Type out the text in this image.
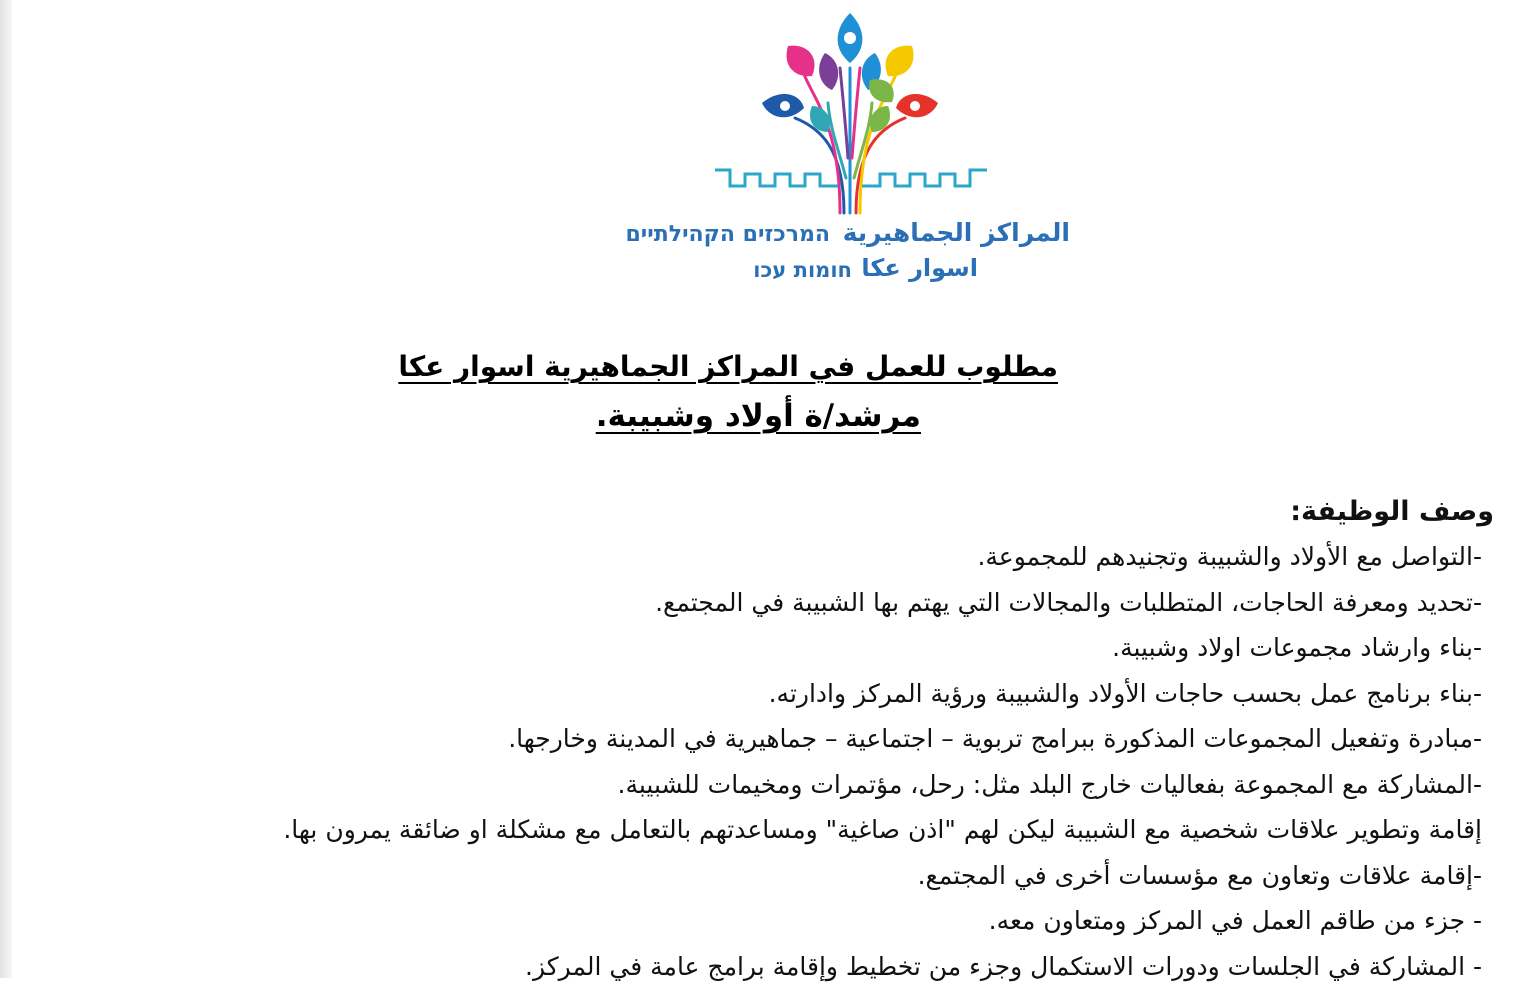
المراكز الجماهيرية
המרכזים הקהילתיים
اسوار عكا
חומות עכו
مطلوب للعمل في المراكز الجماهيرية اسوار عكا
مرشد/ة أولاد وشبيبة.
وصف الوظيفة:
-التواصل مع الأولاد والشبيبة وتجنيدهم للمجموعة.
-تحديد ومعرفة الحاجات، المتطلبات والمجالات التي يهتم بها الشبيبة في المجتمع.
-بناء وارشاد مجموعات اولاد وشبيبة.
-بناء برنامج عمل بحسب حاجات الأولاد والشبيبة ورؤية المركز وادارته.
-مبادرة وتفعيل المجموعات المذكورة ببرامج تربوية – اجتماعية – جماهيرية في المدينة وخارجها.
-المشاركة مع المجموعة بفعاليات خارج البلد مثل: رحل، مؤتمرات ومخيمات للشبيبة.
إقامة وتطوير علاقات شخصية مع الشبيبة ليكن لهم "اذن صاغية" ومساعدتهم بالتعامل مع مشكلة او ضائقة يمرون بها.
-إقامة علاقات وتعاون مع مؤسسات أخرى في المجتمع.
- جزء من طاقم العمل في المركز ومتعاون معه.
- المشاركة في الجلسات ودورات الاستكمال وجزء من تخطيط وإقامة برامج عامة في المركز.
